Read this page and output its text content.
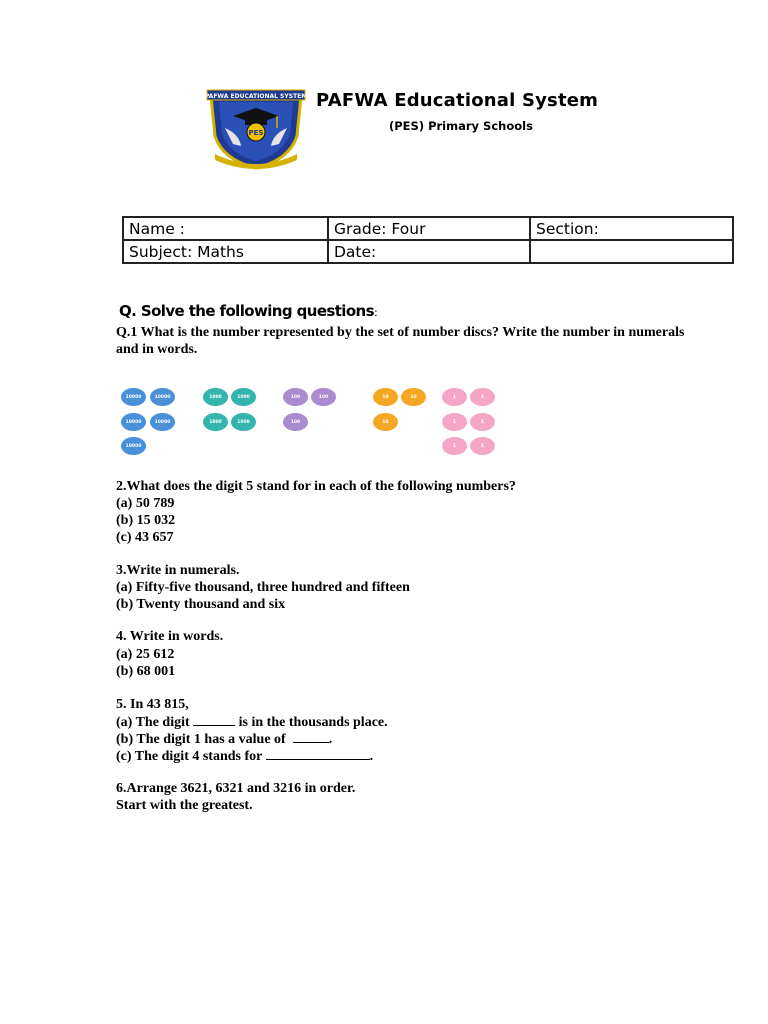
PAFWA EDUCATIONAL SYSTEM
PES
PAFWA Educational System
(PES) Primary Schools
Name :	Grade: Four	Section:
Subject: Maths	Date:	
Q. Solve the following questions:
Q.1 What is the number represented by the set of number discs? Write the number in numerals and in words.
10000	10000
10000	10000
10000
1000	1000
1000	1000
100	100
100
10	10
10
1	1
1	1
1	1
2.What does the digit 5 stand for in each of the following numbers?
(a) 50 789
(b) 15 032
(c) 43 657
3.Write in numerals.
(a) Fifty-five thousand, three hundred and fifteen
(b) Twenty thousand and six
4. Write in words.
(a) 25 612
(b) 68 001
5. In 43 815,
(a) The digit	is in the thousands place.
(b) The digit 1 has a value of	.
(c) The digit 4 stands for	.
6.Arrange 3621, 6321 and 3216 in order.
Start with the greatest.
